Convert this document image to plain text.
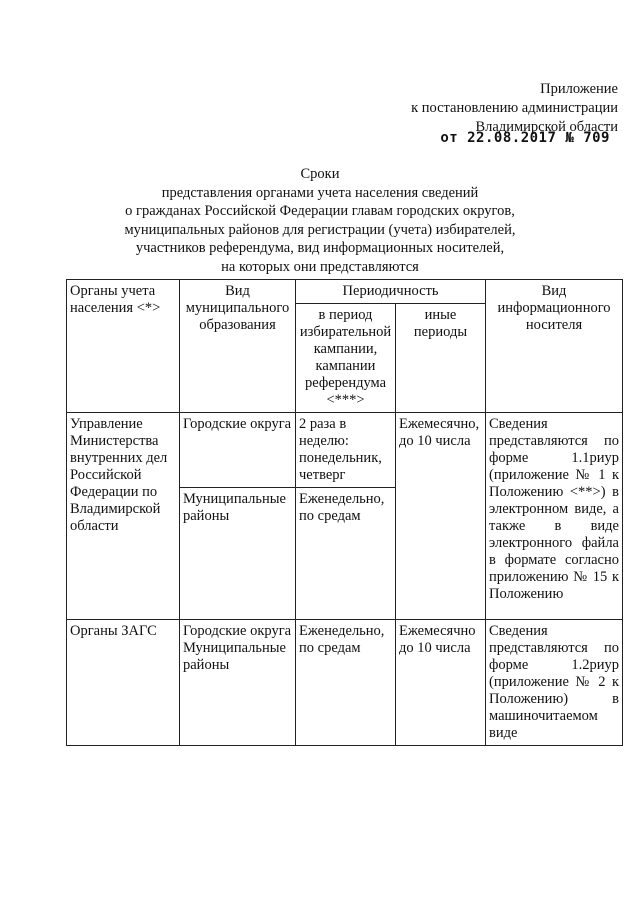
Приложение
к постановлению администрации
Владимирской области
от 22.08.2017 № 709
Сроки
представления органами учета населения сведений
о гражданах Российской Федерации главам городских округов,
муниципальных районов для регистрации (учета) избирателей,
участников референдума, вид информационных носителей,
на которых они представляются
Органы учета населения <*>	Вид муниципального образования	Периодичность		Вид информационного носителя
		в период избирательной кампании, кампании референдума <***>	иные периоды	
Управление Министерства внутренних дел Российской Федерации по Владимирской области	Городские округа	2 раза в неделю: понедельник, четверг	Ежемесячно, до 10 числа	Сведения представляются по форме 1.1риур (приложение № 1 к Положению <**>) в электронном виде, а также в виде электронного файла в формате согласно приложению № 15 к Положению
	Муниципальные районы	Еженедельно, по средам		
Органы ЗАГС	Городские округа Муниципальные районы	Еженедельно, по средам	Ежемесячно до 10 числа	Сведения представляются по форме 1.2риур (приложение № 2 к Положению) в машиночитаемом виде
